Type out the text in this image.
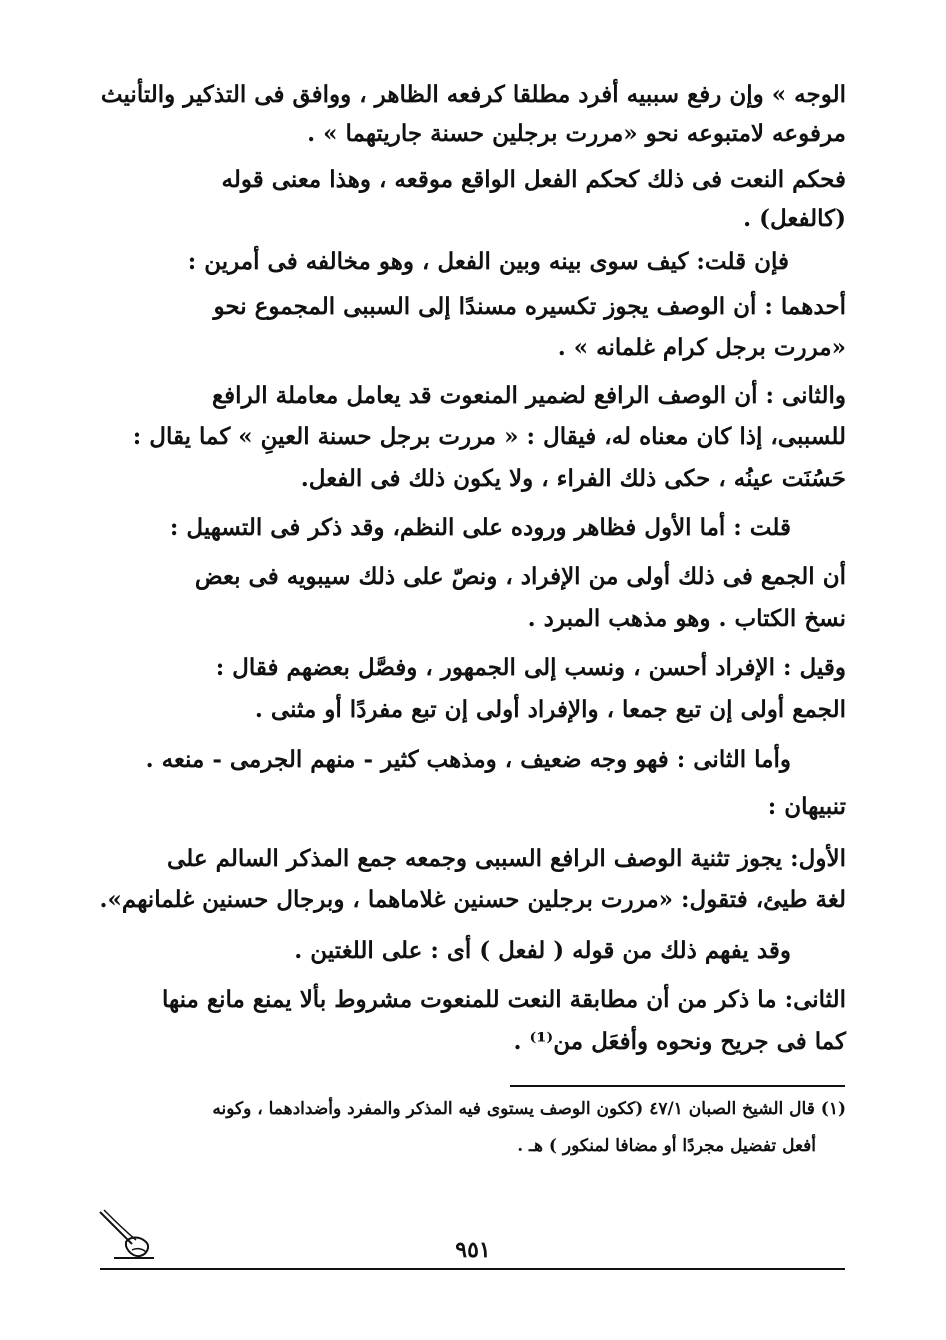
الوجه » وإن رفع سببيه أفرد مطلقا كرفعه الظاهر ، ووافق فى التذكير والتأنيث
مرفوعه لامتبوعه نحو «مررت برجلين حسنة جاريتهما » .
فحكم النعت فى ذلك كحكم الفعل الواقع موقعه ، وهذا معنى قوله
(كالفعل) .
فإن قلت: كيف سوى بينه وبين الفعل ، وهو مخالفه فى أمرين :
أحدهما : أن الوصف يجوز تكسيره مسندًا إلى السببى المجموع نحو
«مررت برجل كرام غلمانه » .
والثانى : أن الوصف الرافع لضمير المنعوت قد يعامل معاملة الرافع
للسببى، إذا كان معناه له، فيقال : « مررت برجل حسنة العينِ » كما يقال :
حَسُنَت عينُه ، حكى ذلك الفراء ، ولا يكون ذلك فى الفعل.
قلت : أما الأول فظاهر وروده على النظم، وقد ذكر فى التسهيل :
أن الجمع فى ذلك أولى من الإفراد ، ونصّ على ذلك سيبويه فى بعض
نسخ الكتاب . وهو مذهب المبرد .
وقيل : الإفراد أحسن ، ونسب إلى الجمهور ، وفصَّل بعضهم فقال :
الجمع أولى إن تبع جمعا ، والإفراد أولى إن تبع مفردًا أو مثنى .
وأما الثانى : فهو وجه ضعيف ، ومذهب كثير - منهم الجرمى - منعه .
تنبيهان :
الأول: يجوز تثنية الوصف الرافع السببى وجمعه جمع المذكر السالم على
لغة طيئ، فتقول: «مررت برجلين حسنين غلاماهما ، وبرجال حسنين غلمانهم».
وقد يفهم ذلك من قوله ( لفعل ) أى : على اللغتين .
الثانى: ما ذكر من أن مطابقة النعت للمنعوت مشروط بألا يمنع مانع منها
كما فى جريح ونحوه وأفعَل من⁽¹⁾ .
(١) قال الشيخ الصبان ٤٧/١ (ككون الوصف يستوى فيه المذكر والمفرد وأضدادهما ، وكونه
أفعل تفضيل مجردًا أو مضافا لمنكور ) هـ .
٩٥١
